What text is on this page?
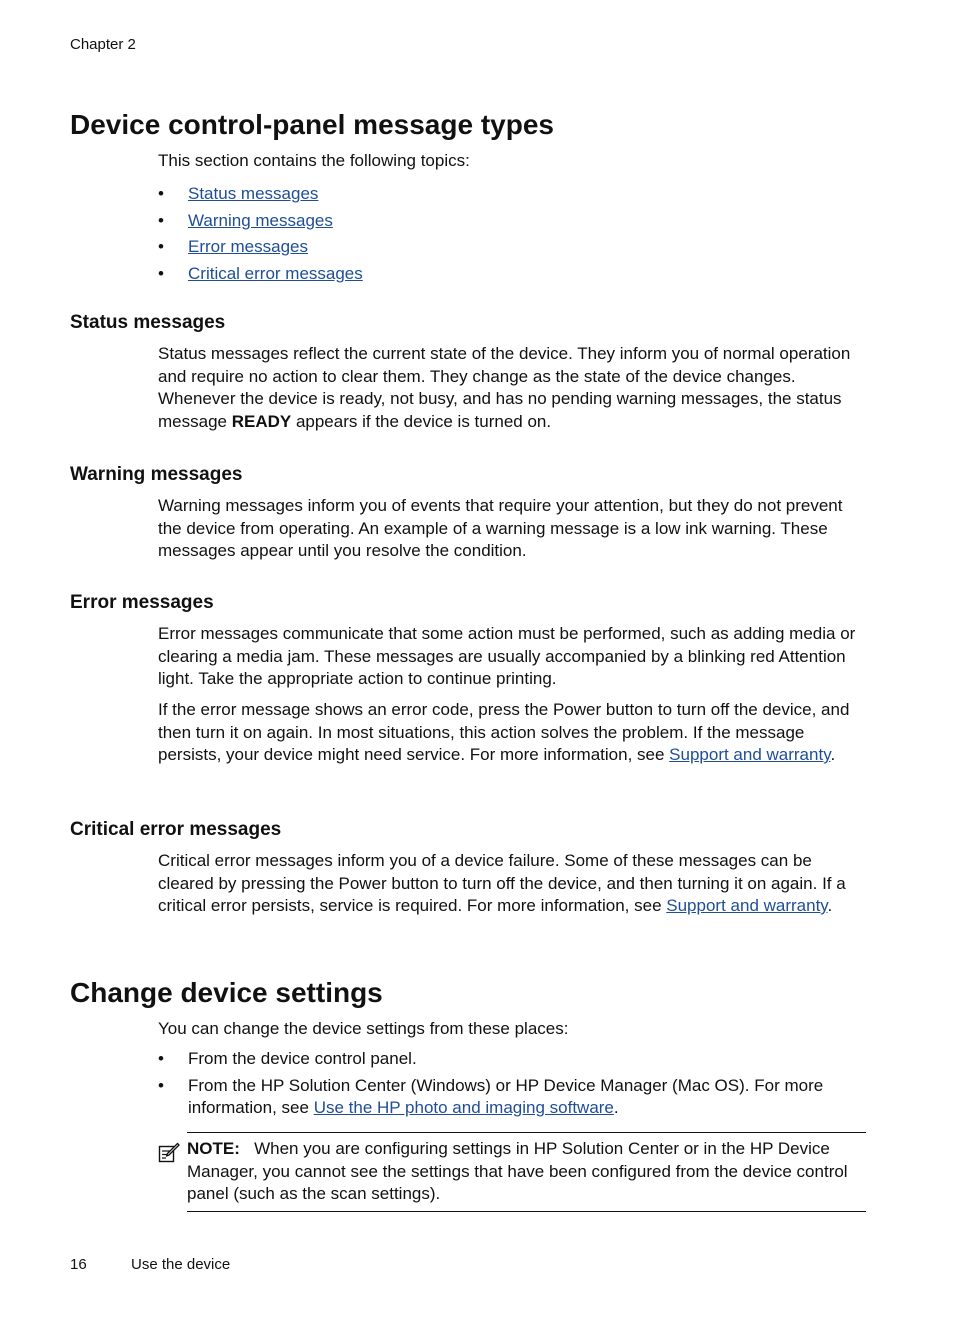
Chapter 2
Device control-panel message types

This section contains the following topics:

• Status messages
• Warning messages
• Error messages
• Critical error messages
Status messages

Status messages reflect the current state of the device. They inform you of normal operation and require no action to clear them. They change as the state of the device changes. Whenever the device is ready, not busy, and has no pending warning messages, the status message READY appears if the device is turned on.

Warning messages

Warning messages inform you of events that require your attention, but they do not prevent the device from operating. An example of a warning message is a low ink warning. These messages appear until you resolve the condition.

Error messages

Error messages communicate that some action must be performed, such as adding media or clearing a media jam. These messages are usually accompanied by a blinking red Attention light. Take the appropriate action to continue printing.

If the error message shows an error code, press the Power button to turn off the device, and then turn it on again. In most situations, this action solves the problem. If the message persists, your device might need service. For more information, see Support and warranty.

Critical error messages

Critical error messages inform you of a device failure. Some of these messages can be cleared by pressing the Power button to turn off the device, and then turning it on again. If a critical error persists, service is required. For more information, see Support and warranty.

Change device settings

You can change the device settings from these places:

• From the device control panel.
• From the HP Solution Center (Windows) or HP Device Manager (Mac OS). For more information, see Use the HP photo and imaging software.
NOTE: When you are configuring settings in HP Solution Center or in the HP Device Manager, you cannot see the settings that have been configured from the device control panel (such as the scan settings).
16	Use the device
